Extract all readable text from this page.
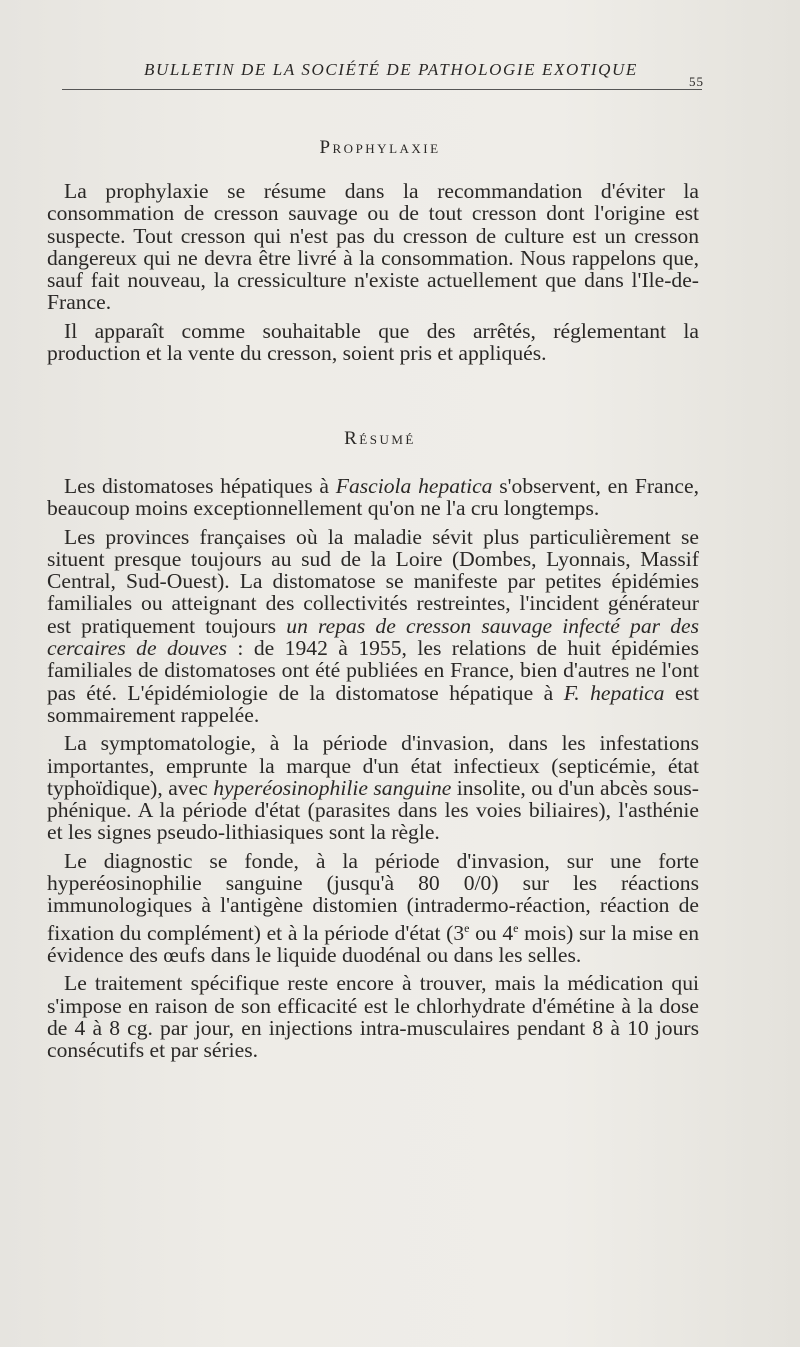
BULLETIN DE LA SOCIÉTÉ DE PATHOLOGIE EXOTIQUE
55
Prophylaxie

La prophylaxie se résume dans la recommandation d'éviter la consommation de cresson sauvage ou de tout cresson dont l'origine est suspecte. Tout cresson qui n'est pas du cresson de culture est un cresson dangereux qui ne devra être livré à la consommation. Nous rappelons que, sauf fait nouveau, la cressiculture n'existe actuellement que dans l'Ile-de-France.

Il apparaît comme souhaitable que des arrêtés, réglementant la production et la vente du cresson, soient pris et appliqués.

Résumé

Les distomatoses hépatiques à Fasciola hepatica s'observent, en France, beaucoup moins exceptionnellement qu'on ne l'a cru longtemps.

Les provinces françaises où la maladie sévit plus particulièrement se situent presque toujours au sud de la Loire (Dombes, Lyonnais, Massif Central, Sud-Ouest). La distomatose se manifeste par petites épidémies familiales ou atteignant des collectivités restreintes, l'incident générateur est pratiquement toujours un repas de cresson sauvage infecté par des cercaires de douves : de 1942 à 1955, les relations de huit épidémies familiales de distomatoses ont été publiées en France, bien d'autres ne l'ont pas été. L'épidémiologie de la distomatose hépatique à F. hepatica est sommairement rappelée.

La symptomatologie, à la période d'invasion, dans les infestations importantes, emprunte la marque d'un état infectieux (septicémie, état typhoïdique), avec hyperéosinophilie sanguine insolite, ou d'un abcès sous-phénique. A la période d'état (parasites dans les voies biliaires), l'asthénie et les signes pseudo-lithiasiques sont la règle.

Le diagnostic se fonde, à la période d'invasion, sur une forte hyperéosinophilie sanguine (jusqu'à 80 0/0) sur les réactions immunologiques à l'antigène distomien (intradermo-réaction, réaction de fixation du complément) et à la période d'état (3e ou 4e mois) sur la mise en évidence des œufs dans le liquide duodénal ou dans les selles.

Le traitement spécifique reste encore à trouver, mais la médication qui s'impose en raison de son efficacité est le chlorhydrate d'émétine à la dose de 4 à 8 cg. par jour, en injections intra-musculaires pendant 8 à 10 jours consécutifs et par séries.
